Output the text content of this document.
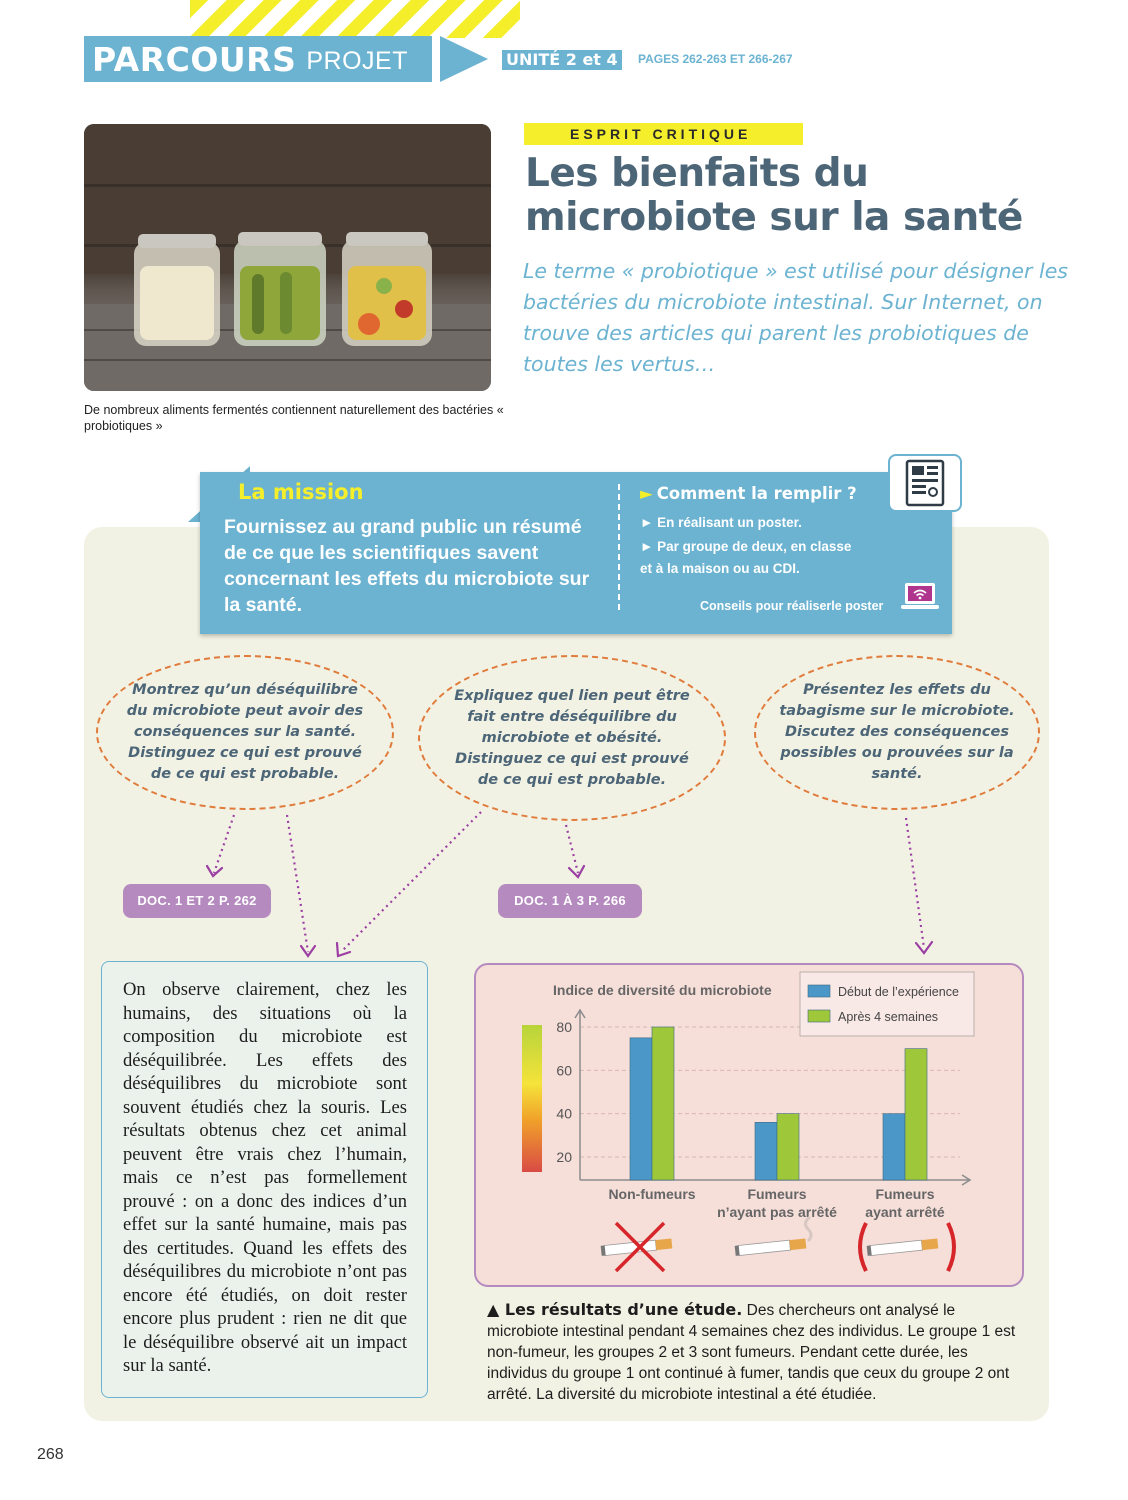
PARCOURS PROJET	UNITÉ 2 et 4	PAGES 262-263 ET 266-267
De nombreux aliments fermentés contiennent naturellement des bactéries « probiotiques »
ESPRIT CRITIQUE
Les bienfaits du
microbiote sur la santé
Le terme « probiotique » est utilisé pour désigner les bactéries du microbiote intestinal. Sur Internet, on trouve des articles qui parent les probiotiques de toutes les vertus…
La mission
Fournissez au grand public un résumé de ce que les scientifiques savent concernant les effets du microbiote sur la santé.
► Comment la remplir ?
► En réalisant un poster.
► Par groupe de deux, en classe
et à la maison ou au CDI.
Conseils pour réaliserle poster
Montrez qu’un déséquilibre du microbiote peut avoir des conséquences sur la santé. Distinguez ce qui est prouvé de ce qui est probable.
Expliquez quel lien peut être fait entre déséquilibre du microbiote et obésité. Distinguez ce qui est prouvé de ce qui est probable.
Présentez les effets du tabagisme sur le microbiote. Discutez des conséquences possibles ou prouvées sur la santé.
DOC. 1 ET 2 P. 262	DOC. 1 À 3 P. 266

On observe clairement, chez les humains, des situations où la composition du microbiote est déséquilibrée. Les effets des déséquilibres du microbiote sont souvent étudiés chez la souris. Les résultats obtenus chez cet animal peuvent être vrais chez l’humain, mais ce n’est pas formellement prouvé : on a donc des indices d’un effet sur la santé humaine, mais pas des certitudes. Quand les effets des déséquilibres du microbiote n’ont pas encore été étudiés, on doit rester encore plus prudent : rien ne dit que le déséquilibre observé ait un impact sur la santé.

20
40
60
80
Indice de diversité du microbiote
Non-fumeurs	Fumeurs
n’ayant pas arrêté
Fumeurs
ayant arrêté
Début de l’expérience
Après 4 semaines
▲ Les résultats d’une étude. Des chercheurs ont analysé le microbiote intestinal pendant 4 semaines chez des individus. Le groupe 1 est non-fumeur, les groupes 2 et 3 sont fumeurs. Pendant cette durée, les individus du groupe 1 ont continué à fumer, tandis que ceux du groupe 2 ont arrêté. La diversité du microbiote intestinal a été étudiée.
268
